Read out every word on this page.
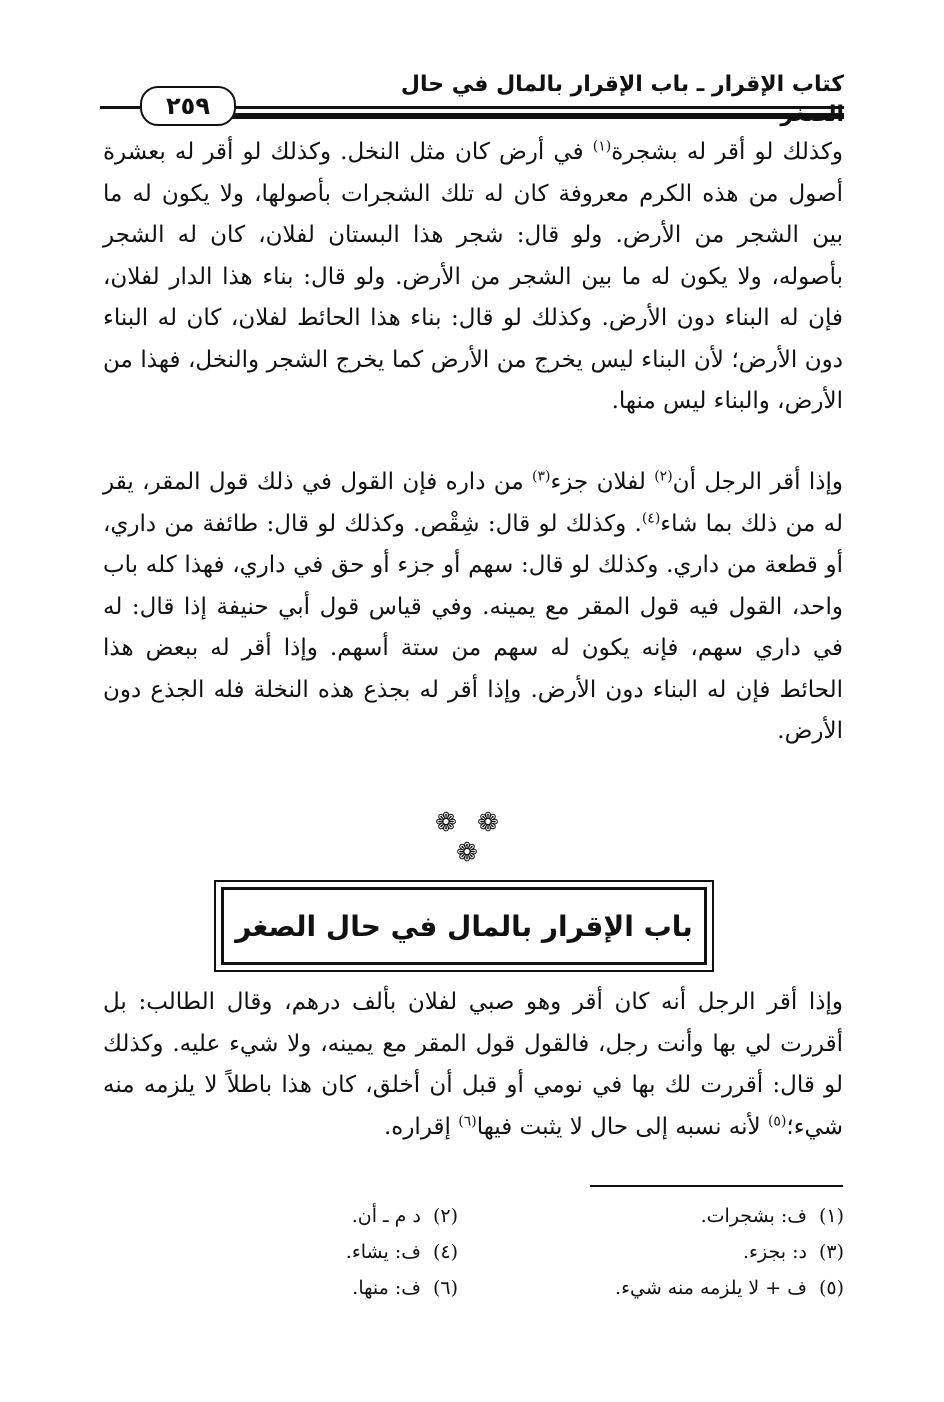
كتاب الإقرار ـ باب الإقرار بالمال في حال
٢٥٩

وكذلك لو أقر له بشجرة$^{(١)}$ في أرض كان مثل النخل. وكذلك لو أقر له بعشرة أصول من هذه الكرم معروفة كان له تلك الشجرات بأصولها، ولا يكون له ما بين الشجر من الأرض. ولو قال: شجر هذا البستان لفلان، كان له الشجر بأصوله، ولا يكون له ما بين الشجر من الأرض. ولو قال: بناء هذا الدار لفلان، فإن له البناء دون الأرض. وكذلك لو قال: بناء هذا الحائط لفلان، كان له البناء دون الأرض؛ لأن البناء ليس يخرج من الأرض كما يخرج الشجر والنخل، فهذا من الأرض، والبناء ليس منها.

وإذا أقر الرجل أن$^{(٢)}$ لفلان جزء$^{(٣)}$ من داره فإن القول في ذلك قول المقر، يقر له من ذلك بما شاء$^{(٤)}$. وكذلك لو قال: شِقْص. وكذلك لو قال: طائفة من داري، أو قطعة من داري. وكذلك لو قال: سهم أو جزء أو حق في داري، فهذا كله باب واحد، القول فيه قول المقر مع يمينه. وفي قياس قول أبي حنيفة إذا قال: له في داري سهم، فإنه يكون له سهم من ستة أسهم. وإذا أقر له ببعض هذا الحائط فإن له البناء دون الأرض. وإذا أقر له بجذع هذه النخلة فله الجذع دون الأرض.

❁ ❁ ❁
باب الإقرار بالمال في حال الصغر

وإذا أقر الرجل أنه كان أقر وهو صبي لفلان بألف درهم، وقال الطالب: بل أقررت لي بها وأنت رجل، فالقول قول المقر مع يمينه، ولا شيء عليه. وكذلك لو قال: أقررت لك بها في نومي أو قبل أن أخلق، كان هذا باطلاً لا يلزمه منه شيء؛$^{(٥)}$ لأنه نسبه إلى حال لا يثبت فيها$^{(٦)}$ إقراره.

(١)ف: بشجرات.
(٢)د م ـ أن.
(٣)د: بجزء.
(٤)ف: يشاء.
(٥)ف + لا يلزمه منه شيء.
(٦)ف: منها.
